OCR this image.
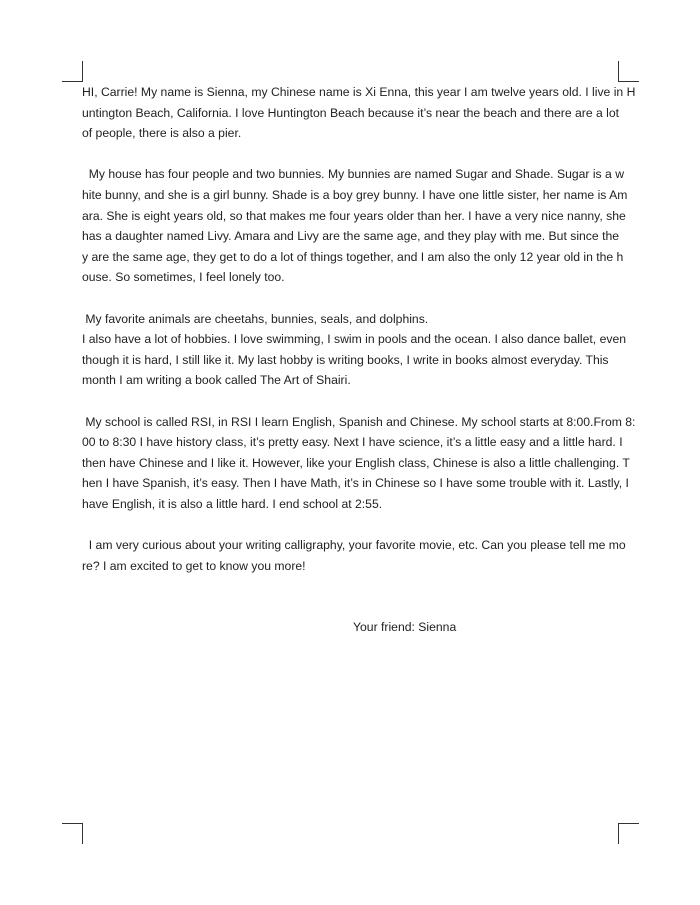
HI, Carrie! My name is Sienna, my Chinese name is Xi Enna, this year I am twelve years old. I live in H

untington Beach, California. I love Huntington Beach because it’s near the beach and there are a lot

of people, there is also a pier.

My house has four people and two bunnies. My bunnies are named Sugar and Shade. Sugar is a w

hite bunny, and she is a girl bunny. Shade is a boy grey bunny. I have one little sister, her name is Am

ara. She is eight years old, so that makes me four years older than her. I have a very nice nanny, she

has a daughter named Livy. Amara and Livy are the same age, and they play with me. But since the

y are the same age, they get to do a lot of things together, and I am also the only 12 year old in the h

ouse. So sometimes, I feel lonely too.

My favorite animals are cheetahs, bunnies, seals, and dolphins.

I also have a lot of hobbies. I love swimming, I swim in pools and the ocean. I also dance ballet, even

though it is hard, I still like it. My last hobby is writing books, I write in books almost everyday. This

month I am writing a book called The Art of Shairi.

My school is called RSI, in RSI I learn English, Spanish and Chinese. My school starts at 8:00.From 8:

00 to 8:30 I have history class, it’s pretty easy. Next I have science, it’s a little easy and a little hard. I

then have Chinese and I like it. However, like your English class, Chinese is also a little challenging. T

hen I have Spanish, it’s easy. Then I have Math, it’s in Chinese so I have some trouble with it. Lastly, I

have English, it is also a little hard. I end school at 2:55.

I am very curious about your writing calligraphy, your favorite movie, etc. Can you please tell me mo

re? I am excited to get to know you more!

Your friend: Sienna
